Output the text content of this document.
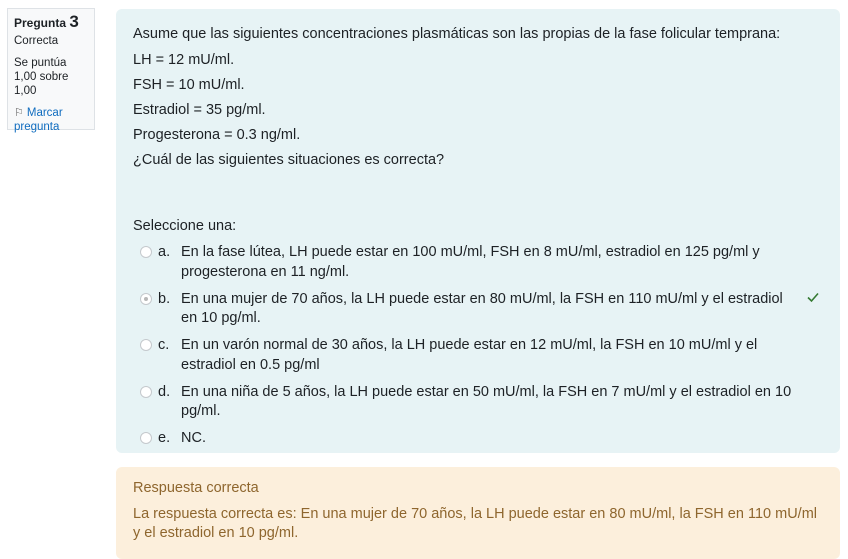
Pregunta 3
Correcta
Se puntúa 1,00 sobre 1,00
⚐ Marcar pregunta

Asume que las siguientes concentraciones plasmáticas son las propias de la fase folicular temprana:

LH = 12 mU/ml.

FSH = 10 mU/ml.

Estradiol = 35 pg/ml.

Progesterona = 0.3 ng/ml.

¿Cuál de las siguientes situaciones es correcta?

Seleccione una:
a. En la fase lútea, LH puede estar en 100 mU/ml, FSH en 8 mU/ml, estradiol en 125 pg/ml y progesterona en 11 ng/ml.
b. En una mujer de 70 años, la LH puede estar en 80 mU/ml, la FSH en 110 mU/ml y el estradiol en 10 pg/ml.
c. En un varón normal de 30 años, la LH puede estar en 12 mU/ml, la FSH en 10 mU/ml y el estradiol en 0.5 pg/ml
d. En una niña de 5 años, la LH puede estar en 50 mU/ml, la FSH en 7 mU/ml y el estradiol en 10 pg/ml.
e. NC.
Respuesta correcta
La respuesta correcta es: En una mujer de 70 años, la LH puede estar en 80 mU/ml, la FSH en 110 mU/ml y el estradiol en 10 pg/ml.
